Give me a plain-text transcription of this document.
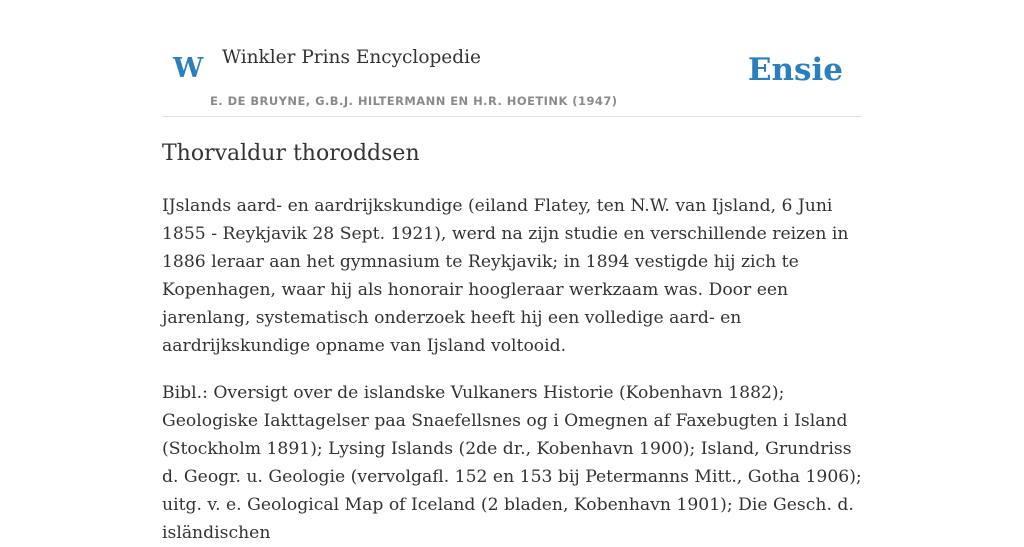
W Winkler Prins Encyclopedie
E. DE BRUYNE, G.B.J. HILTERMANN EN H.R. HOETINK (1947)
Ensie
Thorvaldur thoroddsen

IJslands aard- en aardrijkskundige (eiland Flatey, ten N.W. van Ijsland, 6 Juni 1855 - Reykjavik 28 Sept. 1921), werd na zijn studie en verschillende reizen in 1886 leraar aan het gymnasium te Reykjavik; in 1894 vestigde hij zich te Kopenhagen, waar hij als honorair hoogleraar werkzaam was. Door een jarenlang, systematisch onderzoek heeft hij een volledige aard- en aardrijkskundige opname van Ijsland voltooid.

Bibl.: Oversigt over de islandske Vulkaners Historie (Kobenhavn 1882); Geologiske Iakttagelser paa Snaefellsnes og i Omegnen af Faxebugten i Island (Stockholm 1891); Lysing Islands (2de dr., Kobenhavn 1900); Island, Grundriss d. Geogr. u. Geologie (vervolgafl. 152 en 153 bij Petermanns Mitt., Gotha 1906); uitg. v. e. Geological Map of Iceland (2 bladen, Kobenhavn 1901); Die Gesch. d. isländischen
